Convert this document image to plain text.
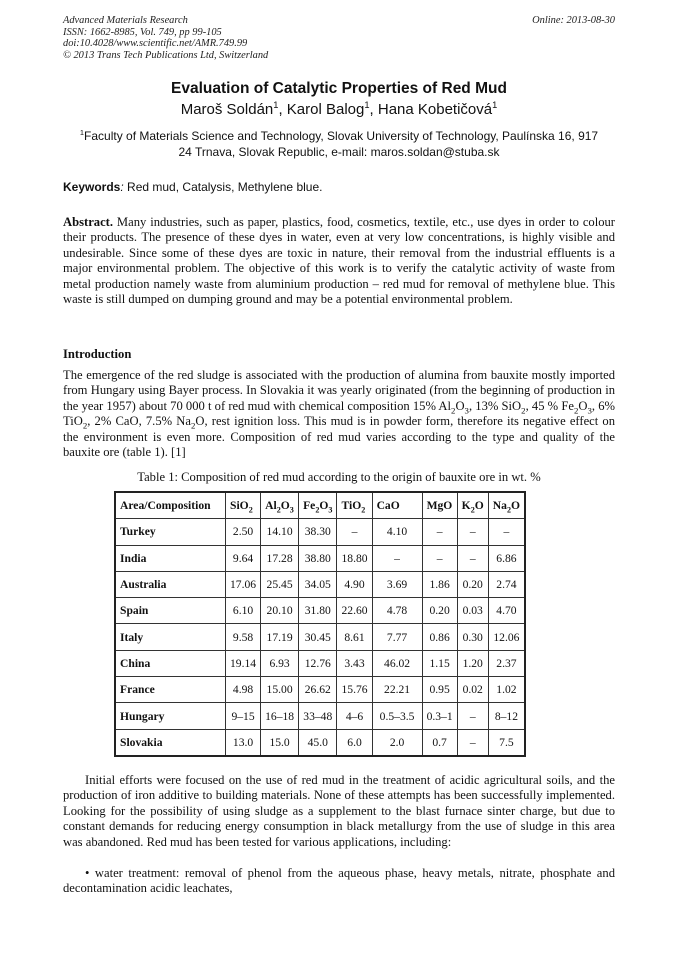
Advanced Materials Research
ISSN: 1662-8985, Vol. 749, pp 99-105
doi:10.4028/www.scientific.net/AMR.749.99
© 2013 Trans Tech Publications Ltd, Switzerland
Online: 2013-08-30
Evaluation of Catalytic Properties of Red Mud
Maroš Soldán$^1$, Karol Balog$^1$, Hana Kobetičová$^1$
$^1$Faculty of Materials Science and Technology, Slovak University of Technology, Paulínska 16, 917
24 Trnava, Slovak Republic, e-mail: maros.soldan@stuba.sk
Keywords: Red mud, Catalysis, Methylene blue.
Abstract. Many industries, such as paper, plastics, food, cosmetics, textile, etc., use dyes in order to colour their products. The presence of these dyes in water, even at very low concentrations, is highly visible and undesirable. Since some of these dyes are toxic in nature, their removal from the industrial effluents is a major environmental problem. The objective of this work is to verify the catalytic activity of waste from metal production namely waste from aluminium production – red mud for removal of methylene blue. This waste is still dumped on dumping ground and may be a potential environmental problem.
Introduction
The emergence of the red sludge is associated with the production of alumina from bauxite mostly imported from Hungary using Bayer process. In Slovakia it was yearly originated (from the beginning of production in the year 1957) about 70 000 t of red mud with chemical composition 15% $Al_2O_3$, 13% SiO$_2$, 45 % $Fe_2O_3$, 6% TiO$_2$, 2% CaO, 7.5% $Na_2O$, rest ignition loss. This mud is in powder form, therefore its negative effect on the environment is even more. Composition of red mud varies according to the type and quality of the bauxite ore (table 1). [1]
Table 1: Composition of red mud according to the origin of bauxite ore in wt. %
Area/Composition	SiO$_2$	$Al_2O_3$	$Fe_2O_3$	TiO$_2$	CaO	MgO	$K_2O$	$Na_2O$
Turkey	2.50	14.10	38.30	–	4.10	–	–	–
India	9.64	17.28	38.80	18.80	–	–	–	6.86
Australia	17.06	25.45	34.05	4.90	3.69	1.86	0.20	2.74
Spain	6.10	20.10	31.80	22.60	4.78	0.20	0.03	4.70
Italy	9.58	17.19	30.45	8.61	7.77	0.86	0.30	12.06
China	19.14	6.93	12.76	3.43	46.02	1.15	1.20	2.37
France	4.98	15.00	26.62	15.76	22.21	0.95	0.02	1.02
Hungary	9–15	16–18	33–48	4–6	0.5–3.5	0.3–1	–	8–12
Slovakia	13.0	15.0	45.0	6.0	2.0	0.7	–	7.5
Initial efforts were focused on the use of red mud in the treatment of acidic agricultural soils, and the production of iron additive to building materials. None of these attempts has been successfully implemented. Looking for the possibility of using sludge as a supplement to the blast furnace sinter charge, but due to constant demands for reducing energy consumption in black metallurgy from the use of sludge in this area was abandoned. Red mud has been tested for various applications, including:
• water treatment: removal of phenol from the aqueous phase, heavy metals, nitrate, phosphate and decontamination acidic leachates,
